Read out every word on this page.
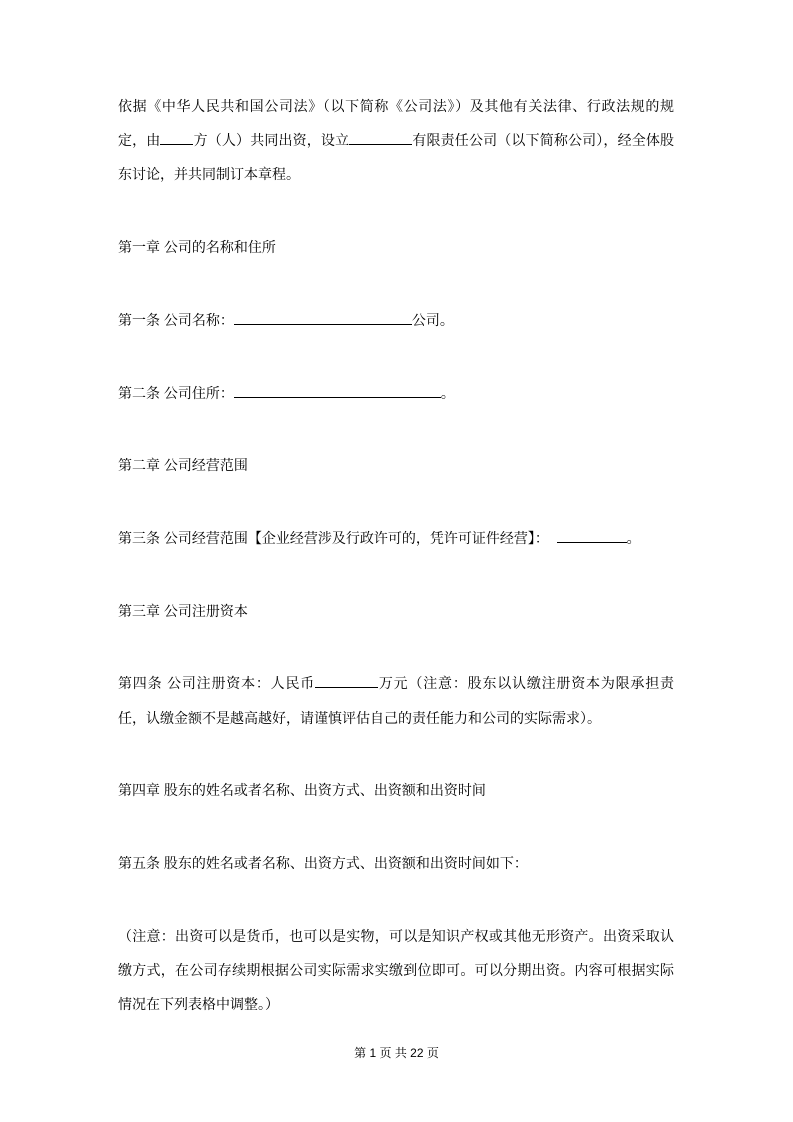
依据《中华人民共和国公司法》（以下简称《公司法》）及其他有关法律、行政法规的规定，由 方（人）共同出资，设立	有限责任公司（以下简称公司），经全体股东讨论，并共同制订本章程。

第一章 公司的名称和住所

第一条 公司名称：	公司。

第二条 公司住所：	。

第二章 公司经营范围

第三条 公司经营范围【企业经营涉及行政许可的，凭许可证件经营】：	。

第三章 公司注册资本

第四条 公司注册资本：人民币	万元（注意：股东以认缴注册资本为限承担责任，认缴金额不是越高越好，请谨慎评估自己的责任能力和公司的实际需求）。

第四章 股东的姓名或者名称、出资方式、出资额和出资时间

第五条 股东的姓名或者名称、出资方式、出资额和出资时间如下：

（注意：出资可以是货币，也可以是实物，可以是知识产权或其他无形资产。出资采取认缴方式，在公司存续期根据公司实际需求实缴到位即可。可以分期出资。内容可根据实际情况在下列表格中调整。）

第 1 页 共 22 页
